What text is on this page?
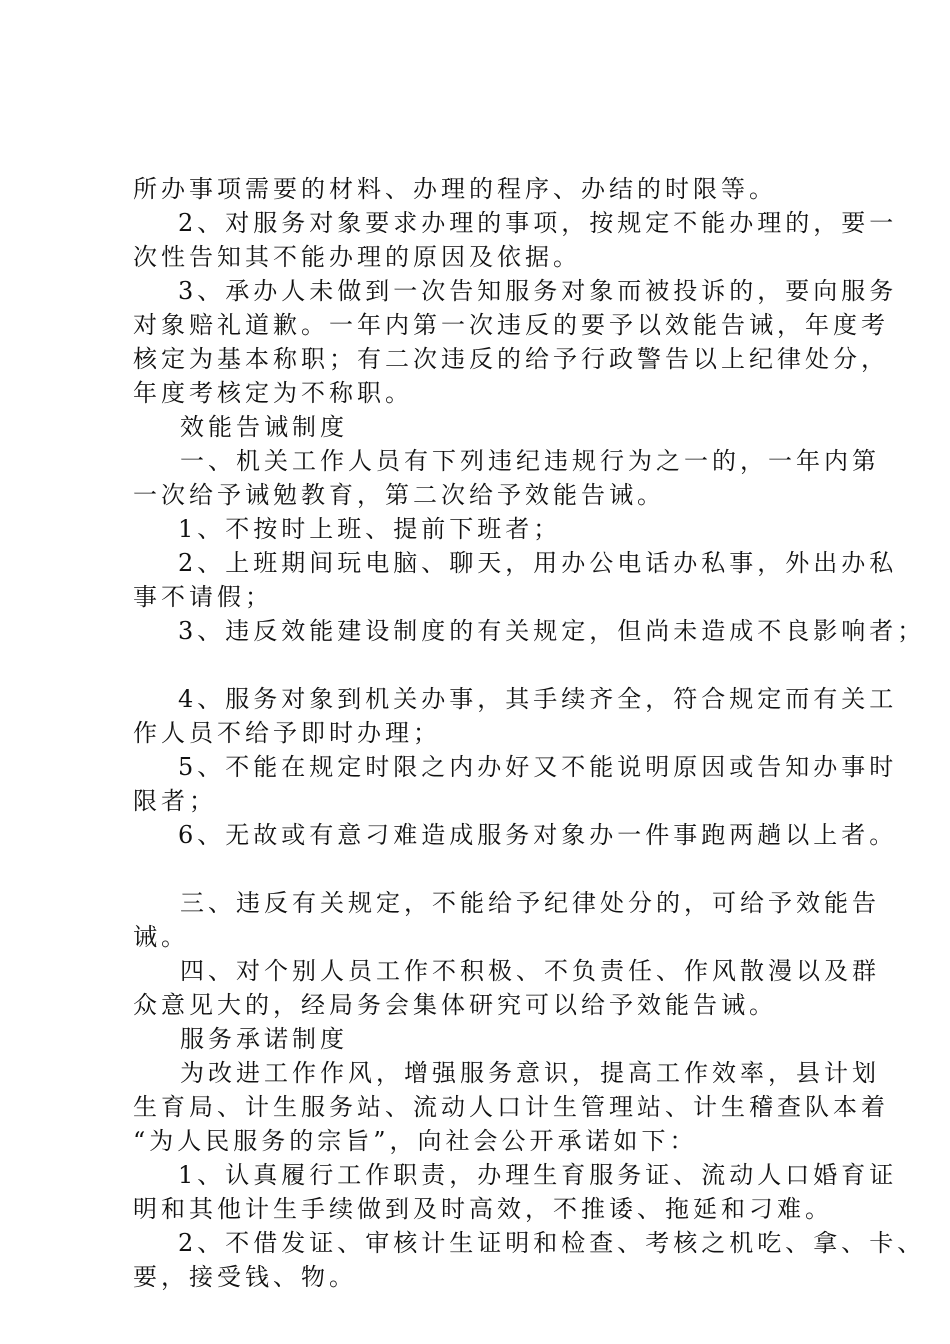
所办事项需要的材料、办理的程序、办结的时限等。

2、对服务对象要求办理的事项，按规定不能办理的，要一

次性告知其不能办理的原因及依据。

3、承办人未做到一次告知服务对象而被投诉的，要向服务

对象赔礼道歉。一年内第一次违反的要予以效能告诫，年度考

核定为基本称职；有二次违反的给予行政警告以上纪律处分，

年度考核定为不称职。

效能告诫制度

一、机关工作人员有下列违纪违规行为之一的，一年内第

一次给予诫勉教育，第二次给予效能告诫。

1、不按时上班、提前下班者；

2、上班期间玩电脑、聊天，用办公电话办私事，外出办私

事不请假；

3、违反效能建设制度的有关规定，但尚未造成不良影响者；

4、服务对象到机关办事，其手续齐全，符合规定而有关工

作人员不给予即时办理；

5、不能在规定时限之内办好又不能说明原因或告知办事时

限者；

6、无故或有意刁难造成服务对象办一件事跑两趟以上者。

三、违反有关规定，不能给予纪律处分的，可给予效能告

诫。

四、对个别人员工作不积极、不负责任、作风散漫以及群

众意见大的，经局务会集体研究可以给予效能告诫。

服务承诺制度

为改进工作作风，增强服务意识，提高工作效率，县计划

生育局、计生服务站、流动人口计生管理站、计生稽查队本着

“为人民服务的宗旨”，向社会公开承诺如下：

1、认真履行工作职责，办理生育服务证、流动人口婚育证

明和其他计生手续做到及时高效，不推诿、拖延和刁难。

2、不借发证、审核计生证明和检查、考核之机吃、拿、卡、

要，接受钱、物。
